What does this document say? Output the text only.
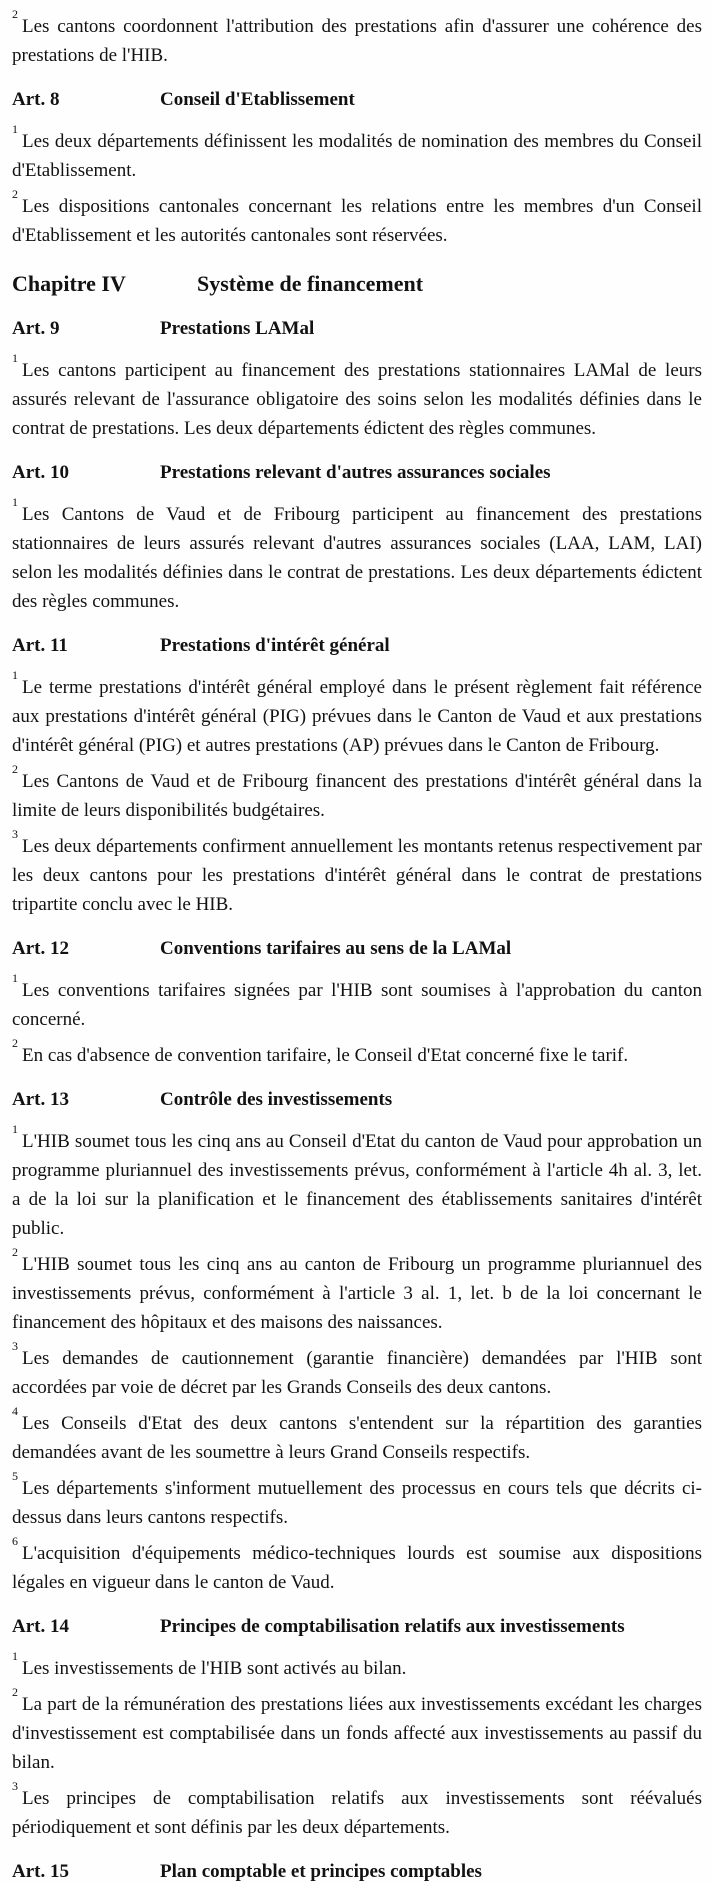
$^2$Les cantons coordonnent l'attribution des prestations afin d'assurer une cohérence des prestations de l'HIB.

Art. 8	Conseil d'Etablissement

$^1$Les deux départements définissent les modalités de nomination des membres du Conseil d'Etablissement.

$^2$Les dispositions cantonales concernant les relations entre les membres d'un Conseil d'Etablissement et les autorités cantonales sont réservées.

Chapitre IV	Système de financement
Art. 9	Prestations LAMal

$^1$Les cantons participent au financement des prestations stationnaires LAMal de leurs assurés relevant de l'assurance obligatoire des soins selon les modalités définies dans le contrat de prestations. Les deux départements édictent des règles communes.

Art. 10	Prestations relevant d'autres assurances sociales

$^1$Les Cantons de Vaud et de Fribourg participent au financement des prestations stationnaires de leurs assurés relevant d'autres assurances sociales (LAA, LAM, LAI) selon les modalités définies dans le contrat de prestations. Les deux départements édictent des règles communes.

Art. 11	Prestations d'intérêt général

$^1$Le terme prestations d'intérêt général employé dans le présent règlement fait référence aux prestations d'intérêt général (PIG) prévues dans le Canton de Vaud et aux prestations d'intérêt général (PIG) et autres prestations (AP) prévues dans le Canton de Fribourg.

$^2$Les Cantons de Vaud et de Fribourg financent des prestations d'intérêt général dans la limite de leurs disponibilités budgétaires.

$^3$Les deux départements confirment annuellement les montants retenus respectivement par les deux cantons pour les prestations d'intérêt général dans le contrat de prestations tripartite conclu avec le HIB.

Art. 12	Conventions tarifaires au sens de la LAMal

$^1$Les conventions tarifaires signées par l'HIB sont soumises à l'approbation du canton concerné.

$^2$En cas d'absence de convention tarifaire, le Conseil d'Etat concerné fixe le tarif.

Art. 13	Contrôle des investissements

$^1$L'HIB soumet tous les cinq ans au Conseil d'Etat du canton de Vaud pour approbation un programme pluriannuel des investissements prévus, conformément à l'article 4h al. 3, let. a de la loi sur la planification et le financement des établissements sanitaires d'intérêt public.

$^2$L'HIB soumet tous les cinq ans au canton de Fribourg un programme pluriannuel des investissements prévus, conformément à l'article 3 al. 1, let. b de la loi concernant le financement des hôpitaux et des maisons des naissances.

$^3$Les demandes de cautionnement (garantie financière) demandées par l'HIB sont accordées par voie de décret par les Grands Conseils des deux cantons.

$^4$Les Conseils d'Etat des deux cantons s'entendent sur la répartition des garanties demandées avant de les soumettre à leurs Grand Conseils respectifs.

$^5$Les départements s'informent mutuellement des processus en cours tels que décrits ci-dessus dans leurs cantons respectifs.

$^6$L'acquisition d'équipements médico-techniques lourds est soumise aux dispositions légales en vigueur dans le canton de Vaud.

Art. 14	Principes de comptabilisation relatifs aux investissements

$^1$Les investissements de l'HIB sont activés au bilan.

$^2$La part de la rémunération des prestations liées aux investissements excédant les charges d'investissement est comptabilisée dans un fonds affecté aux investissements au passif du bilan.

$^3$Les principes de comptabilisation relatifs aux investissements sont réévalués périodiquement et sont définis par les deux départements.

Art. 15	Plan comptable et principes comptables
